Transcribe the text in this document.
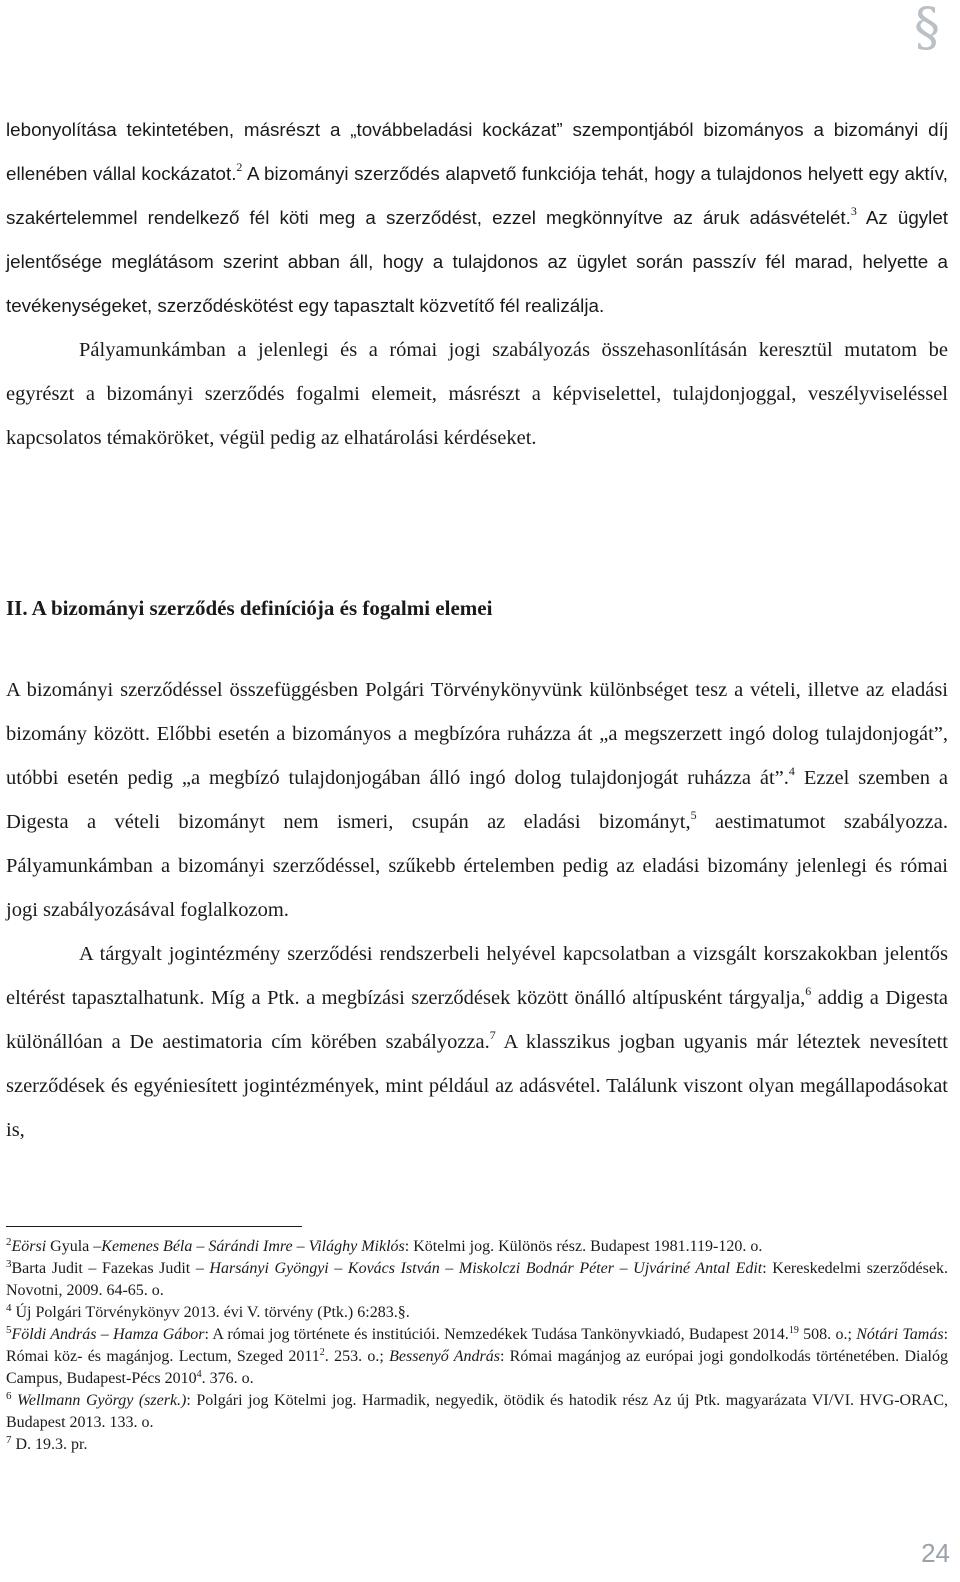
§
lebonyolítása tekintetében, másrészt a „továbbeladási kockázat” szempontjából bizományos a bizományi díj ellenében vállal kockázatot.$^2$ A bizományi szerződés alapvető funkciója tehát, hogy a tulajdonos helyett egy aktív, szakértelemmel rendelkező fél köti meg a szerződést, ezzel megkönnyítve az áruk adásvételét.$^3$ Az ügylet jelentősége meglátásom szerint abban áll, hogy a tulajdonos az ügylet során passzív fél marad, helyette a tevékenységeket, szerződéskötést egy tapasztalt közvetítő fél realizálja.
Pályamunkámban a jelenlegi és a római jogi szabályozás összehasonlításán keresztül mutatom be egyrészt a bizományi szerződés fogalmi elemeit, másrészt a képviselettel, tulajdonjoggal, veszélyviseléssel kapcsolatos témaköröket, végül pedig az elhatárolási kérdéseket.
II. A bizományi szerződés definíciója és fogalmi elemei
A bizományi szerződéssel összefüggésben Polgári Törvénykönyvünk különbséget tesz a vételi, illetve az eladási bizomány között. Előbbi esetén a bizományos a megbízóra ruházza át „a megszerzett ingó dolog tulajdonjogát”, utóbbi esetén pedig „a megbízó tulajdonjogában álló ingó dolog tulajdonjogát ruházza át”.$^4$ Ezzel szemben a Digesta a vételi bizományt nem ismeri, csupán az eladási bizományt,$^5$ aestimatumot szabályozza. Pályamunkámban a bizományi szerződéssel, szűkebb értelemben pedig az eladási bizomány jelenlegi és római jogi szabályozásával foglalkozom.
A tárgyalt jogintézmény szerződési rendszerbeli helyével kapcsolatban a vizsgált korszakokban jelentős eltérést tapasztalhatunk. Míg a Ptk. a megbízási szerződések között önálló altípusként tárgyalja,$^6$ addig a Digesta különállóan a De aestimatoria cím körében szabályozza.$^7$ A klasszikus jogban ugyanis már léteztek nevesített szerződések és egyéniesített jogintézmények, mint például az adásvétel. Találunk viszont olyan megállapodásokat is,

$^2$Eörsi Gyula –Kemenes Béla – Sárándi Imre – Világhy Miklós: Kötelmi jog. Különös rész. Budapest 1981.119-120. o.

$^3$Barta Judit – Fazekas Judit – Harsányi Gyöngyi – Kovács István – Miskolczi Bodnár Péter – Ujváriné Antal Edit: Kereskedelmi szerződések. Novotni, 2009. 64-65. o.

$^4$ Új Polgári Törvénykönyv 2013. évi V. törvény (Ptk.) 6:283.§.

$^5$Földi András – Hamza Gábor: A római jog története és institúciói. Nemzedékek Tudása Tankönyvkiadó, Budapest 2014.19 508. o.; Nótári Tamás: Római köz- és magánjog. Lectum, Szeged 2011$^2$. 253. o.; Bessenyő András: Római magánjog az európai jogi gondolkodás történetében. Dialóg Campus, Budapest-Pécs 2010$^4$. 376. o.

$^6$ Wellmann György (szerk.): Polgári jog Kötelmi jog. Harmadik, negyedik, ötödik és hatodik rész Az új Ptk. magyarázata VI/VI. HVG-ORAC, Budapest 2013. 133. o.

$^7$ D. 19.3. pr.

24
